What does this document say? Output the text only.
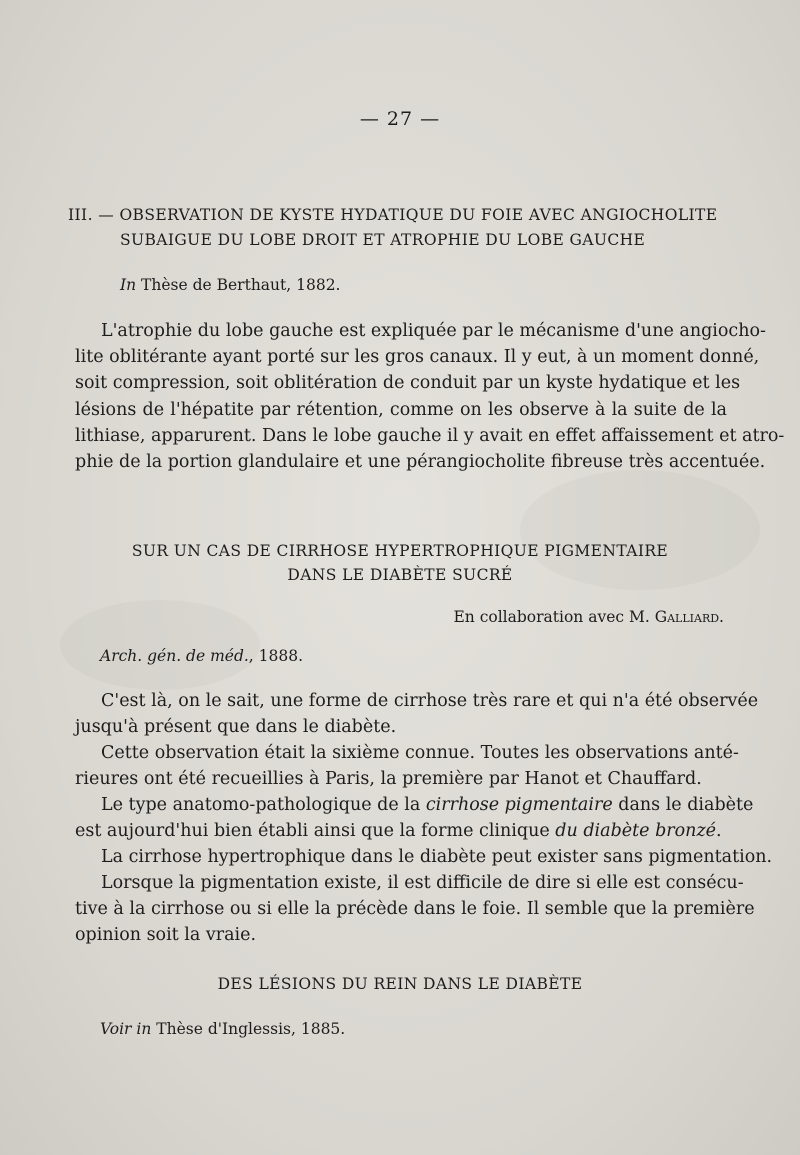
— 27 —
III. — OBSERVATION DE KYSTE HYDATIQUE DU FOIE AVEC ANGIOCHOLITE
SUBAIGUE DU LOBE DROIT ET ATROPHIE DU LOBE GAUCHE
In Thèse de Berthaut, 1882.
L'atrophie du lobe gauche est expliquée par le mécanisme d'une angiocho-
lite oblitérante ayant porté sur les gros canaux. Il y eut, à un moment donné,
soit compression, soit oblitération de conduit par un kyste hydatique et les
lésions de l'hépatite par rétention, comme on les observe à la suite de la
lithiase, apparurent. Dans le lobe gauche il y avait en effet affaissement et atro-
phie de la portion glandulaire et une pérangiocholite fibreuse très accentuée.
SUR UN CAS DE CIRRHOSE HYPERTROPHIQUE PIGMENTAIRE
DANS LE DIABÈTE SUCRÉ
En collaboration avec M. Galliard.
Arch. gén. de méd., 1888.
C'est là, on le sait, une forme de cirrhose très rare et qui n'a été observée
jusqu'à présent que dans le diabète.
Cette observation était la sixième connue. Toutes les observations anté-
rieures ont été recueillies à Paris, la première par Hanot et Chauffard.
Le type anatomo-pathologique de la cirrhose pigmentaire dans le diabète
est aujourd'hui bien établi ainsi que la forme clinique du diabète bronzé.
La cirrhose hypertrophique dans le diabète peut exister sans pigmentation.
Lorsque la pigmentation existe, il est difficile de dire si elle est consécu-
tive à la cirrhose ou si elle la précède dans le foie. Il semble que la première
opinion soit la vraie.
DES LÉSIONS DU REIN DANS LE DIABÈTE
Voir in Thèse d'Inglessis, 1885.
